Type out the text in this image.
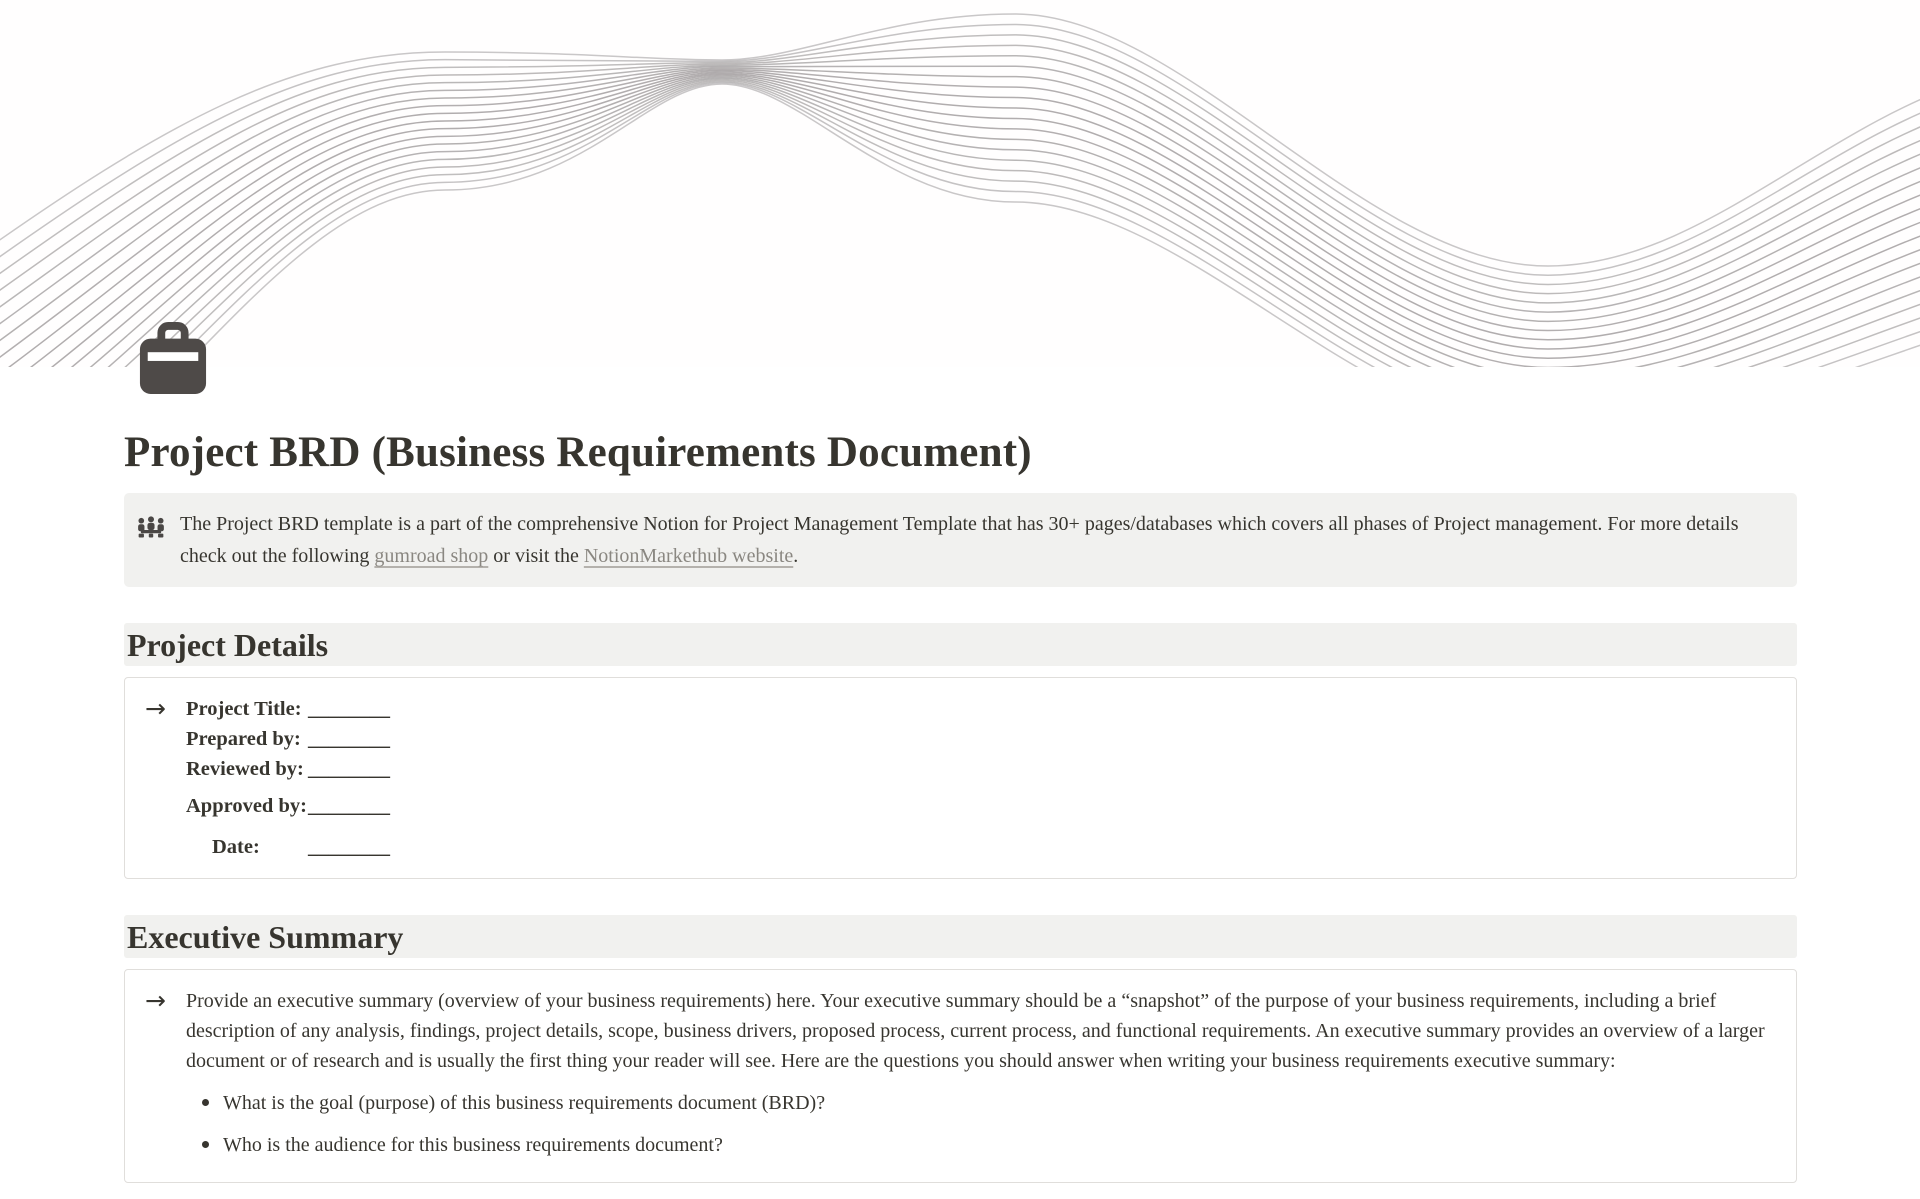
Project BRD (Business Requirements Document)

The Project BRD template is a part of the comprehensive Notion for Project Management Template that has 30+ pages/databases which covers all phases of Project management. For more details check out the following gumroad shop or visit the NotionMarkethub website.

Project Details
→ Project Title: ________
Prepared by: ________
Reviewed by: ________
Approved by:________
Date: ________
Executive Summary
→ Provide an executive summary (overview of your business requirements) here. Your executive summary should be a “snapshot” of the purpose of your business requirements, including a brief description of any analysis, findings, project details, scope, business drivers, proposed process, current process, and functional requirements. An executive summary provides an overview of a larger document or of research and is usually the first thing your reader will see. Here are the questions you should answer when writing your business requirements executive summary:

What is the goal (purpose) of this business requirements document (BRD)?
Who is the audience for this business requirements document?
